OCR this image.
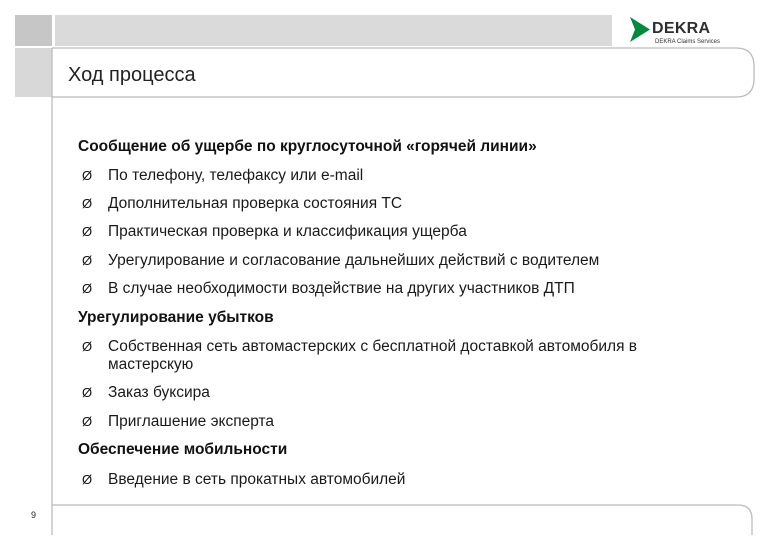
DEKRA
DEKRA Claims Services
Ход процесса
Сообщение об ущербе по круглосуточной «горячей линии»
Ø По телефону, телефаксу или e-mail
Ø Дополнительная проверка состояния ТС
Ø Практическая проверка и классификация ущерба
Ø Урегулирование и согласование дальнейших действий с водителем
Ø В случае необходимости воздействие на других участников ДТП
Урегулирование убытков
Ø Собственная сеть автомастерских с бесплатной доставкой автомобиля в мастерскую
Ø Заказ буксира
Ø Приглашение эксперта
Обеспечение мобильности
Ø Введение в сеть прокатных автомобилей
9
